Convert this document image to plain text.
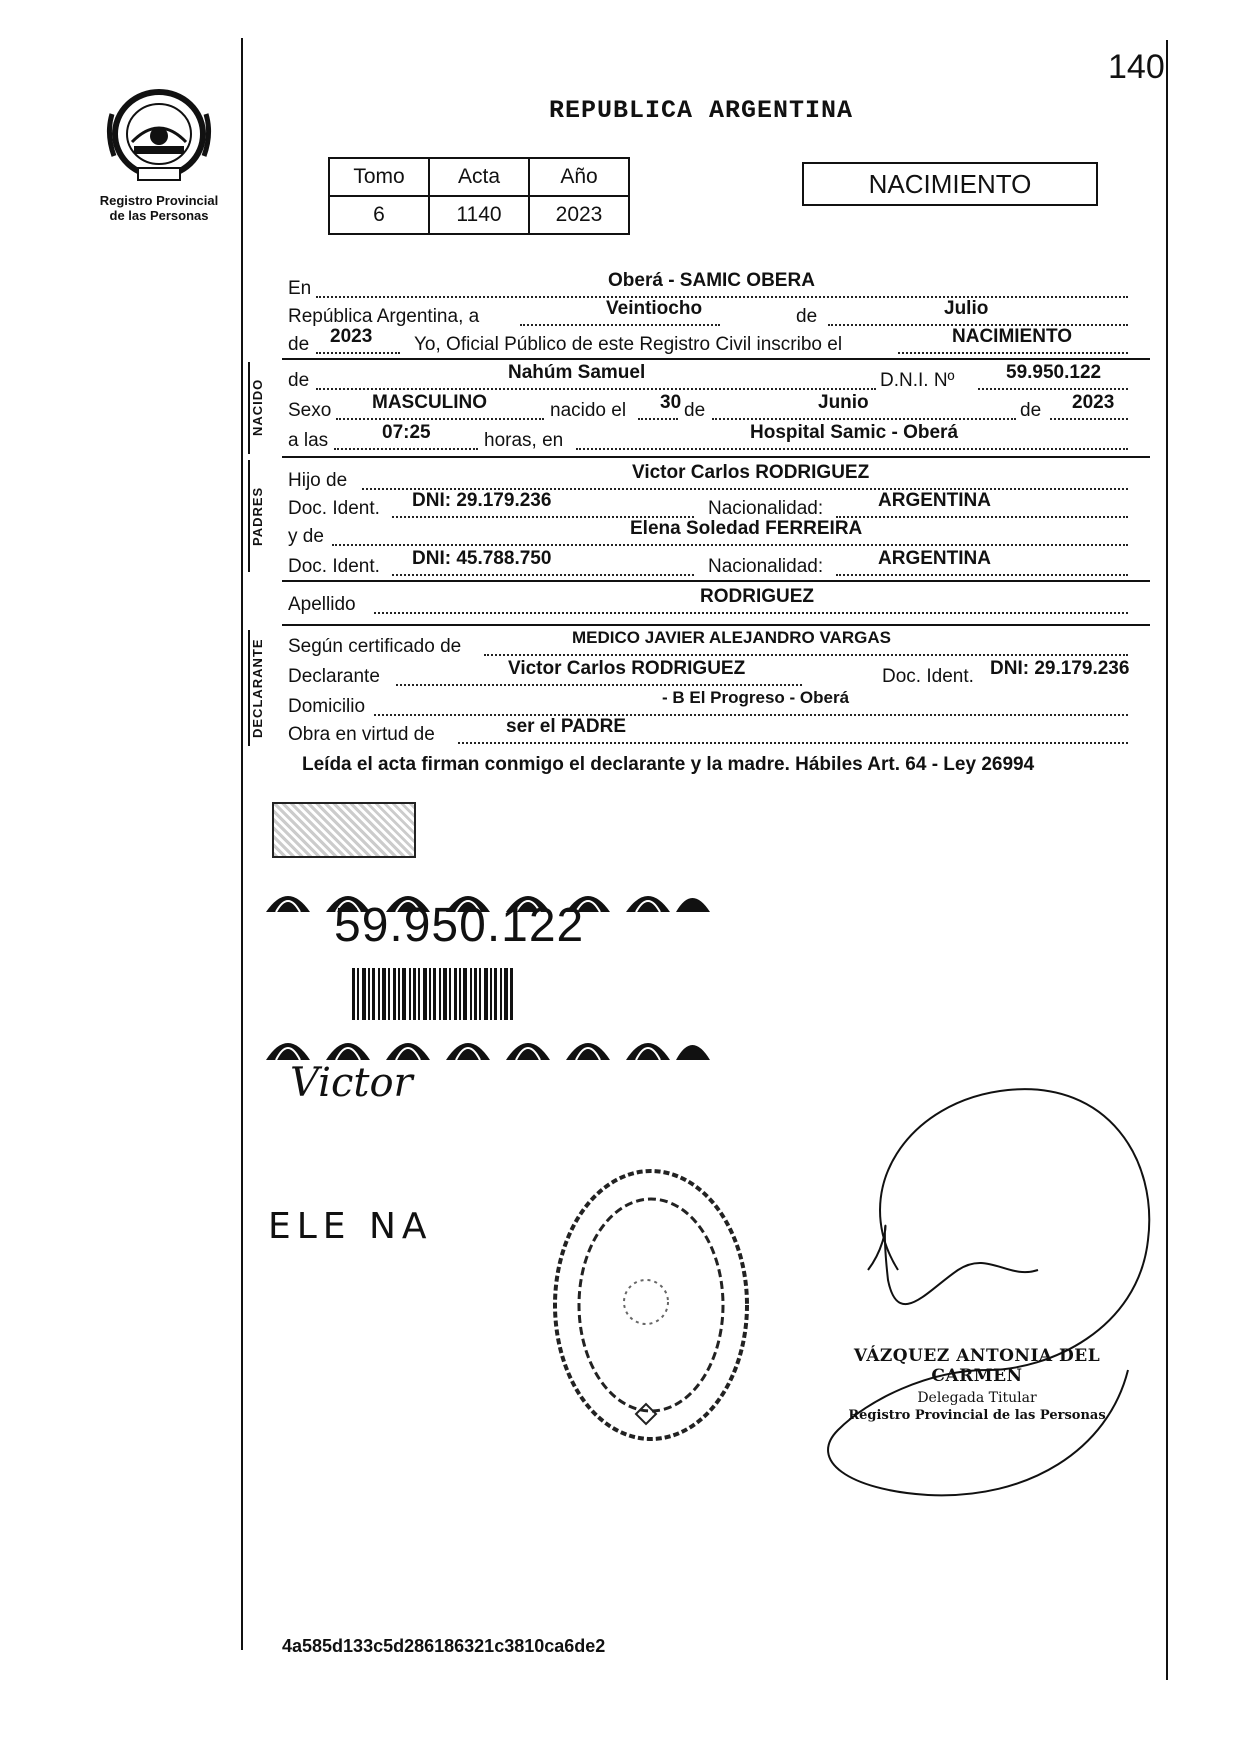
140
Registro Provincial
de las Personas
REPUBLICA ARGENTINA
Tomo	Acta	Año
6	1140	2023
NACIMIENTO
En	Oberá - SAMIC OBERA
República Argentina, a	Veintiocho	de	Julio
de 2023 Yo, Oficial Público de este Registro Civil inscribo el	NACIMIENTO
NACIDO de	Nahúm Samuel	D.N.I. Nº	59.950.122
Sexo MASCULINO	nacido el 30 de	Junio	de 2023
a las	07:25	horas, en	Hospital Samic - Oberá
PADRES
Hijo de	Victor Carlos RODRIGUEZ
Doc. Ident. DNI: 29.179.236	Nacionalidad:	ARGENTINA
y de	Elena Soledad FERREIRA
Doc. Ident. DNI: 45.788.750	Nacionalidad:	ARGENTINA
Apellido	RODRIGUEZ
DECLARANTE Según certificado de	MEDICO JAVIER ALEJANDRO VARGAS
Declarante	Victor Carlos RODRIGUEZ	Doc. Ident. DNI: 29.179.236
Domicilio	- B El Progreso - Oberá
Obra en virtud de	ser el PADRE
Leída el acta firman conmigo el declarante y la madre. Hábiles Art. 64 - Ley 26994
59.950.122
Victor
ELE NA
VÁZQUEZ ANTONIA DEL CARMEN
Delegada Titular
Registro Provincial de las Personas
4a585d133c5d286186321c3810ca6de2
